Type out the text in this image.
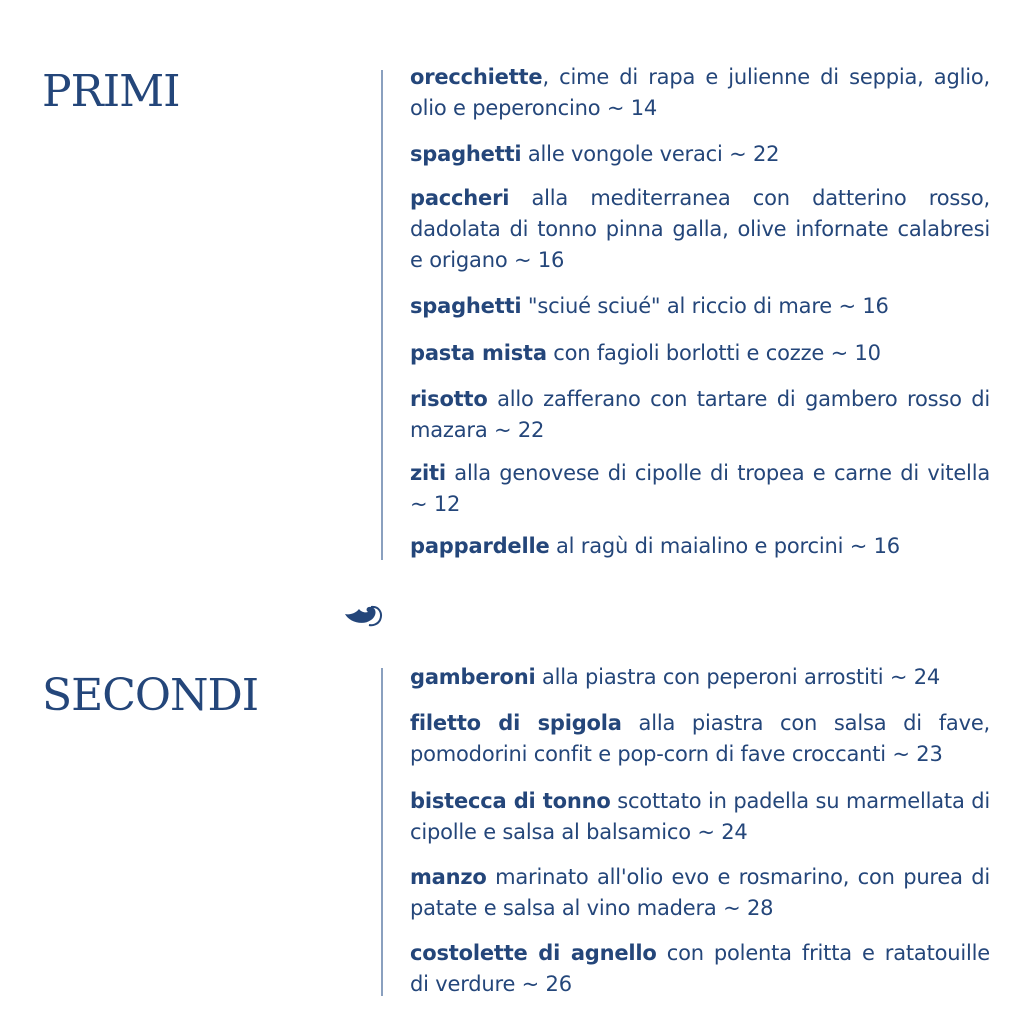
PRIMI	orecchiette, cime di rapa e julienne di seppia, aglio, olio e peperoncino ~ 14
spaghetti alle vongole veraci ~ 22
paccheri alla mediterranea con datterino rosso, dadolata di tonno pinna galla, olive infornate calabresi e origano ~ 16
spaghetti "sciué sciué" al riccio di mare ~ 16
pasta mista con fagioli borlotti e cozze ~ 10
risotto allo zafferano con tartare di gambero rosso di mazara ~ 22
ziti alla genovese di cipolle di tropea e carne di vitella ~ 12
pappardelle al ragù di maialino e porcini ~ 16
SECONDI	gamberoni alla piastra con peperoni arrostiti ~ 24
filetto di spigola alla piastra con salsa di fave, pomodorini confit e pop-corn di fave croccanti ~ 23
bistecca di tonno scottato in padella su marmellata di cipolle e salsa al balsamico ~ 24
manzo marinato all'olio evo e rosmarino, con purea di patate e salsa al vino madera ~ 28
costolette di agnello con polenta fritta e ratatouille di verdure ~ 26
